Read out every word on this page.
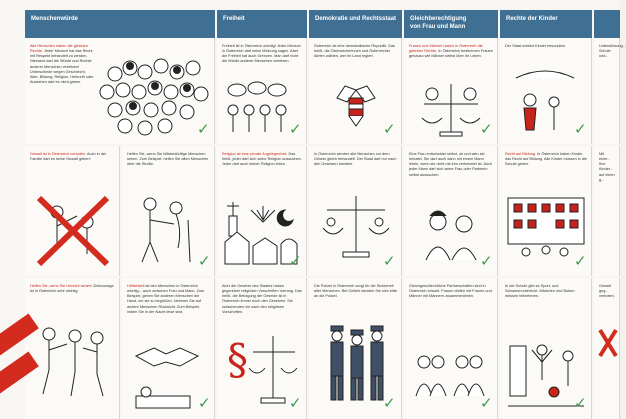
Menschenwürde	Freiheit	Demokratie und Rechtsstaat	Gleichberechtigung
von Frau und Mann
Rechte der Kinder
Alle Menschen haben die gleichen Rechte. Jeder Mensch hat das Recht mit Respekt behandelt zu werden. Niemand darf die Würde und Rechte anderer Menschen verletzen! Unterschiede wegen Geschlecht, Alter, Bildung, Religion, Herkunft oder Aussehen darf es nicht geben.
✓
Freiheit ist in Österreich wichtig! Jeder Mensch in Österreich darf seine Meinung sagen. Aber die Freiheit hat auch Grenzen. Man darf nicht die Würde anderer Menschen verletzen.
✓
Österreich ist eine demokratische Republik. Das heißt, die Österreicherinnen und Österreicher dürfen wählen, wer ihr Land regiert.
✓
Frauen und Männer haben in Österreich die gleichen Rechte. In Österreich bestimmen Frauen genauso wie Männer selbst über ihr Leben.
✓
Der Staat schützt Kinder besonders.
✓
Unterstützung... Schule und...
Gewalt ist in Österreich verboten. Auch in der Familie darf es keine Gewalt geben!
Helfen Sie, wenn Sie hilfsbedürftige Menschen sehen. Zum Beispiel, helfen Sie alten Menschen über die Straße.
✓
Religion ist eine private Angelegenheit. Das heißt, jeder darf sich seine Religion aussuchen. Jeder darf auch keiner Religion leben.
✓
In Österreich werden alle Menschen vor dem Gesetz gleich behandelt. Der Staat darf nur nach den Gesetzen handeln.
✓
Eine Frau entscheidet selbst, ob und wen sie heiratet. Sie darf auch dann mit einem Mann leben, wenn sie nicht mit ihm verheiratet ist. Auch jeder Mann darf sich seine Frau oder Partnerin selbst aussuchen.
✓
Recht auf Bildung. In Österreich haben Kinder das Recht auf Bildung. Alle Kinder müssen in die Schule gehen.
✓
Mit einer... Ihre Kinder... auf einen g...
Helfen Sie, wenn Sie Unrecht sehen! Zivilcourage ist in Österreich sehr wichtig.
Höflichkeit ist den Menschen in Österreich wichtig – auch zwischen Frau und Mann. Zum Beispiel, geben Sie anderen Menschen die Hand, um sie zu begrüßen. Nehmen Sie auf andere Menschen Rücksicht. Zum Beispiel, indem Sie in der Nacht leise sind.
✓
Aber die Gesetze des Staates haben gegenüber religiösen Vorschriften Vorrang. Das heißt, die Befolgung der Gesetze ist in Österreich immer noch den Gesetzen. Sie zwischenden nie nach den religiösen Vorschriften.
§
✓
Die Polizei in Österreich sorgt für die Sicherheit aller Menschen. Bei Gefahr wenden Sie sich bitte an die Polizei.
✓
Gleichgeschlechtliche Partnerschaften sind in Österreich erlaubt. Frauen dürfen mit Frauen und Männer mit Männern zusammenleben.
✓
In der Schule gibt es Sport- und Schwimmunterricht. Mädchen und Buben müssen teilnehmen.
✓
Gewalt geg... verboten.
